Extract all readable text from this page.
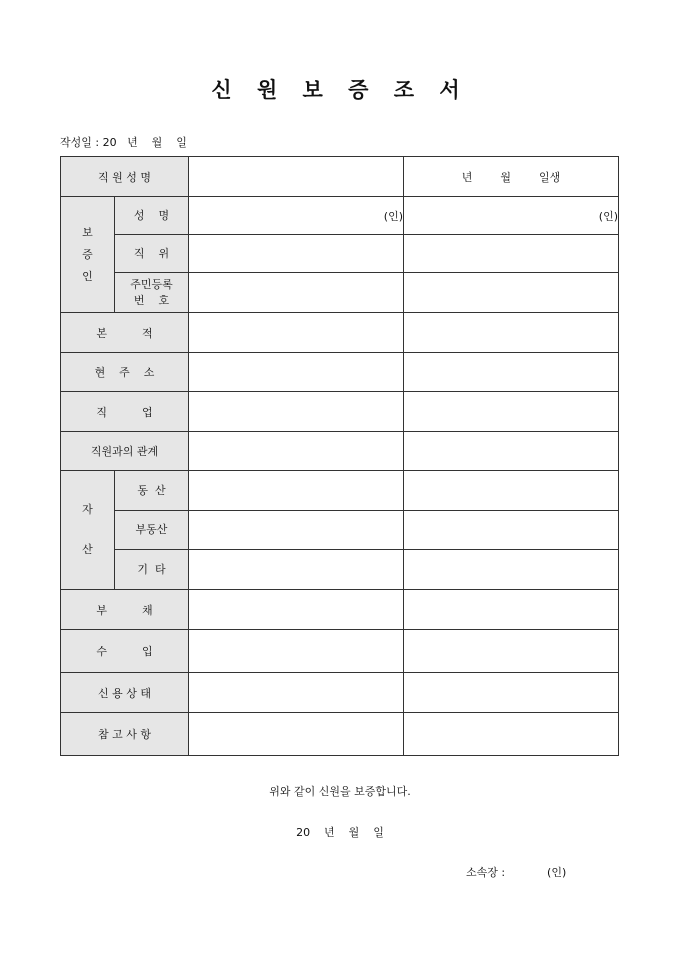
신 원 보 증 조 서
작성일 : 20   년    월    일
직 원 성 명			년        월        일생

보
증
인	성    명	(인)	(인)
	직    위		
	주민등록
번    호		
본          적			
현    주    소			
직          업			
직원과의 관계			

자
산	동  산		
	부동산		
	기  타		
부          채			
수          입			
신 용 상 태			
참 고 사 항			
위와 같이 신원을 보증합니다.
20    년    월    일
소속장 :            (인)
